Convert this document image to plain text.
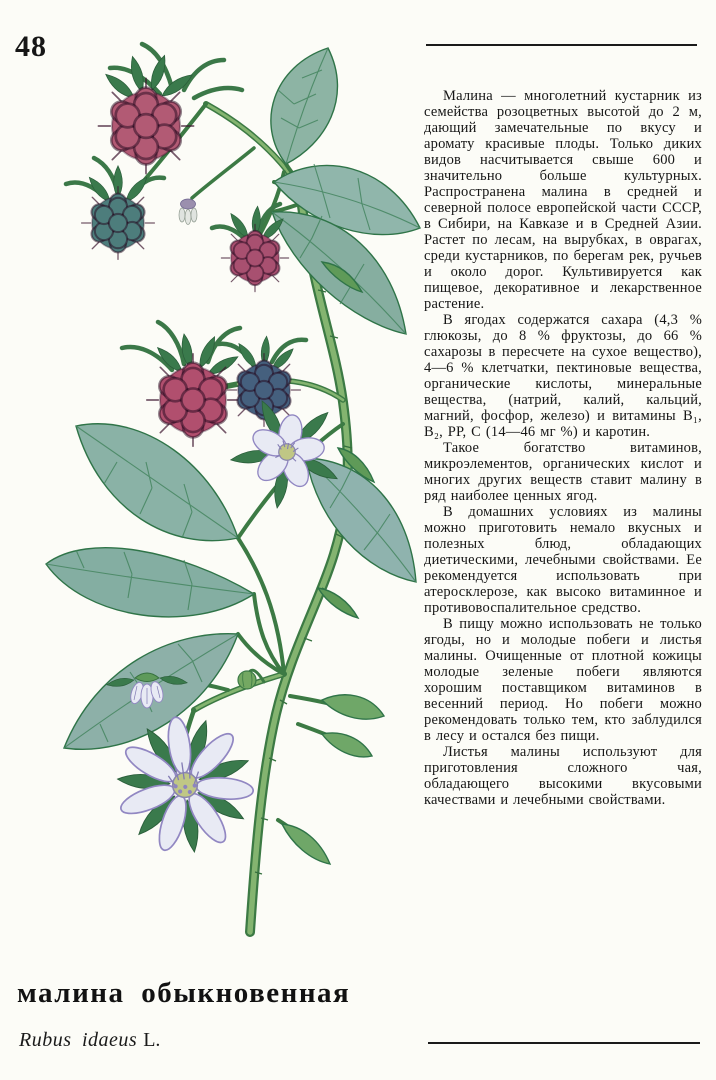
48

Малина — многолетний кустарник из семейства розоцветных высотой до 2 м, дающий замечательные по вкусу и аромату красивые плоды. Только диких видов насчитывается свыше 600 и значительно больше культурных. Распространена малина в средней и северной полосе европейской части СССР, в Сибири, на Кавказе и в Средней Азии. Растет по лесам, на вырубках, в оврагах, среди кустарников, по берегам рек, ручьев и около дорог. Культивируется как пищевое, декоративное и лекарственное растение.

В ягодах содержатся сахара (4,3 % глюкозы, до 8 % фруктозы, до 66 % сахарозы в пересчете на сухое вещество), 4—6 % клетчатки, пектиновые вещества, органические кислоты, минеральные вещества, (натрий, калий, кальций, магний, фосфор, железо) и витамины В₁, В₂, РР, С (14—46 мг %) и каротин.

Такое богатство витаминов, микроэлементов, органических кислот и многих других веществ ставит малину в ряд наиболее ценных ягод.

В домашних условиях из малины можно приготовить немало вкусных и полезных блюд, обладающих диетическими, лечебными свойствами. Ее рекомендуется использовать при атеросклерозе, как высоко витаминное и противовоспалительное средство.

В пищу можно использовать не только ягоды, но и молодые побеги и листья малины. Очищенные от плотной кожицы молодые зеленые побеги являются хорошим поставщиком витаминов в весенний период. Но побеги можно рекомендовать только тем, кто заблудился в лесу и остался без пищи.

Листья малины используют для приготовления сложного чая, обладающего высокими вкусовыми качествами и лечебными свойствами.

малина обыкновенная
Rubus idaeus L.
